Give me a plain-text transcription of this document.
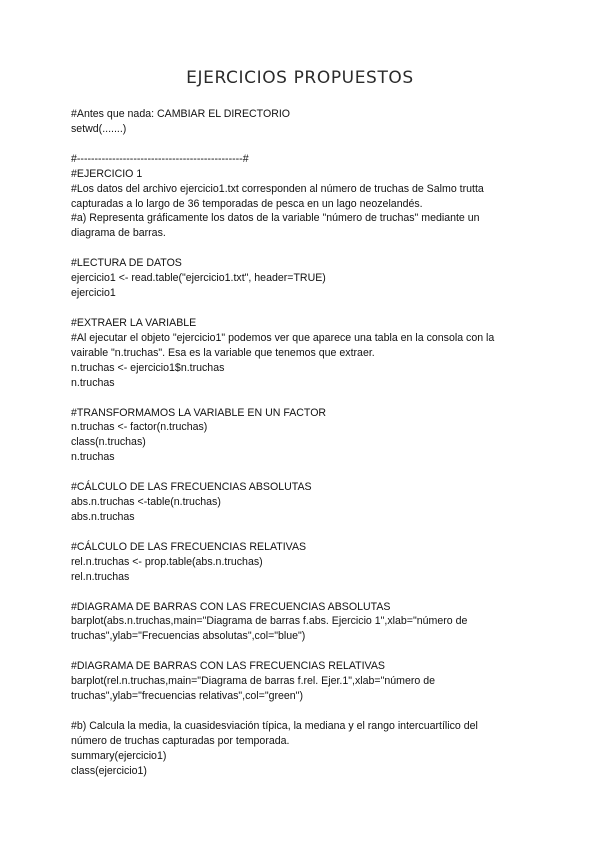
EJERCICIOS PROPUESTOS
#Antes que nada: CAMBIAR EL DIRECTORIO
setwd(.......)
#-----------------------------------------------#
#EJERCICIO 1
#Los datos del archivo ejercicio1.txt corresponden al número de truchas de Salmo trutta
capturadas a lo largo de 36 temporadas de pesca en un lago neozelandés.
#a) Representa gráficamente los datos de la variable "número de truchas" mediante un
diagrama de barras.
#LECTURA DE DATOS
ejercicio1 <- read.table("ejercicio1.txt", header=TRUE)
ejercicio1
#EXTRAER LA VARIABLE
#Al ejecutar el objeto "ejercicio1" podemos ver que aparece una tabla en la consola con la
vairable "n.truchas". Esa es la variable que tenemos que extraer.
n.truchas <- ejercicio1$n.truchas
n.truchas
#TRANSFORMAMOS LA VARIABLE EN UN FACTOR
n.truchas <- factor(n.truchas)
class(n.truchas)
n.truchas
#CÁLCULO DE LAS FRECUENCIAS ABSOLUTAS
abs.n.truchas <-table(n.truchas)
abs.n.truchas
#CÁLCULO DE LAS FRECUENCIAS RELATIVAS
rel.n.truchas <- prop.table(abs.n.truchas)
rel.n.truchas
#DIAGRAMA DE BARRAS CON LAS FRECUENCIAS ABSOLUTAS
barplot(abs.n.truchas,main="Diagrama de barras f.abs. Ejercicio 1",xlab="número de
truchas",ylab="Frecuencias absolutas",col="blue")
#DIAGRAMA DE BARRAS CON LAS FRECUENCIAS RELATIVAS
barplot(rel.n.truchas,main="Diagrama de barras f.rel. Ejer.1",xlab="número de
truchas",ylab="frecuencias relativas",col="green")
#b) Calcula la media, la cuasidesviación típica, la mediana y el rango intercuartílico del
número de truchas capturadas por temporada.
summary(ejercicio1)
class(ejercicio1)
